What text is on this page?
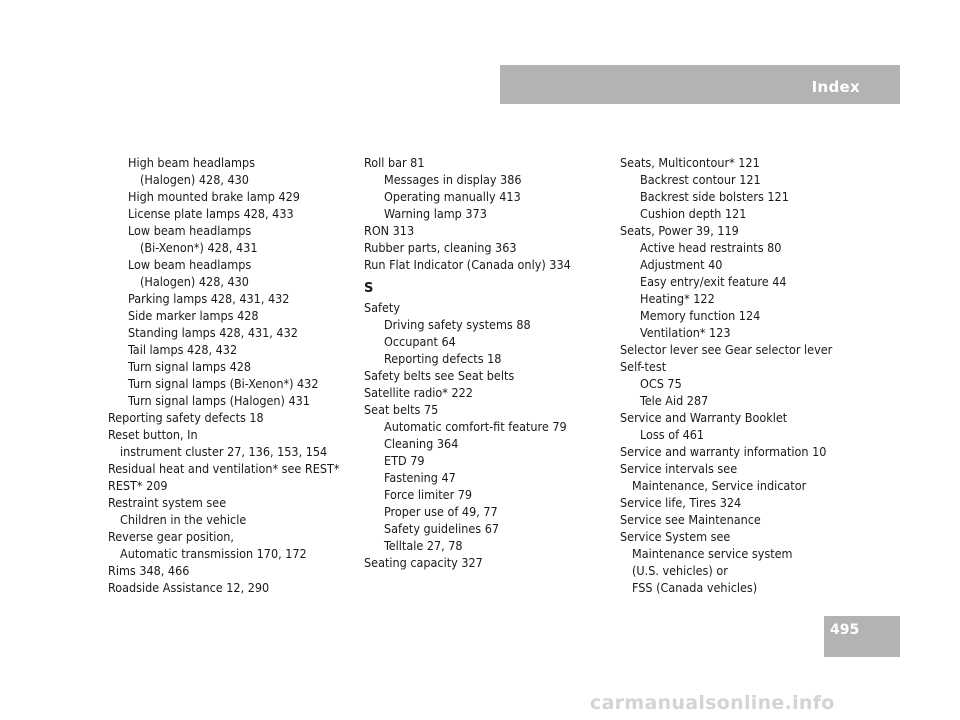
Index
High beam headlamps
(Halogen) 428, 430
High mounted brake lamp 429
License plate lamps 428, 433
Low beam headlamps
(Bi-Xenon*) 428, 431
Low beam headlamps
(Halogen) 428, 430
Parking lamps 428, 431, 432
Side marker lamps 428
Standing lamps 428, 431, 432
Tail lamps 428, 432
Turn signal lamps 428
Turn signal lamps (Bi-Xenon*) 432
Turn signal lamps (Halogen) 431
Reporting safety defects 18
Reset button, In
instrument cluster 27, 136, 153, 154
Residual heat and ventilation* see REST*
REST* 209
Restraint system see
Children in the vehicle
Reverse gear position,
Automatic transmission 170, 172
Rims 348, 466
Roadside Assistance 12, 290
Roll bar 81
Messages in display 386
Operating manually 413
Warning lamp 373
RON 313
Rubber parts, cleaning 363
Run Flat Indicator (Canada only) 334
S
Safety
Driving safety systems 88
Occupant 64
Reporting defects 18
Safety belts see Seat belts
Satellite radio* 222
Seat belts 75
Automatic comfort-fit feature 79
Cleaning 364
ETD 79
Fastening 47
Force limiter 79
Proper use of 49, 77
Safety guidelines 67
Telltale 27, 78
Seating capacity 327
Seats, Multicontour* 121
Backrest contour 121
Backrest side bolsters 121
Cushion depth 121
Seats, Power 39, 119
Active head restraints 80
Adjustment 40
Easy entry/exit feature 44
Heating* 122
Memory function 124
Ventilation* 123
Selector lever see Gear selector lever
Self-test
OCS 75
Tele Aid 287
Service and Warranty Booklet
Loss of 461
Service and warranty information 10
Service intervals see
Maintenance, Service indicator
Service life, Tires 324
Service see Maintenance
Service System see
Maintenance service system
(U.S. vehicles) or
FSS (Canada vehicles)
495
carmanualsonline.info
